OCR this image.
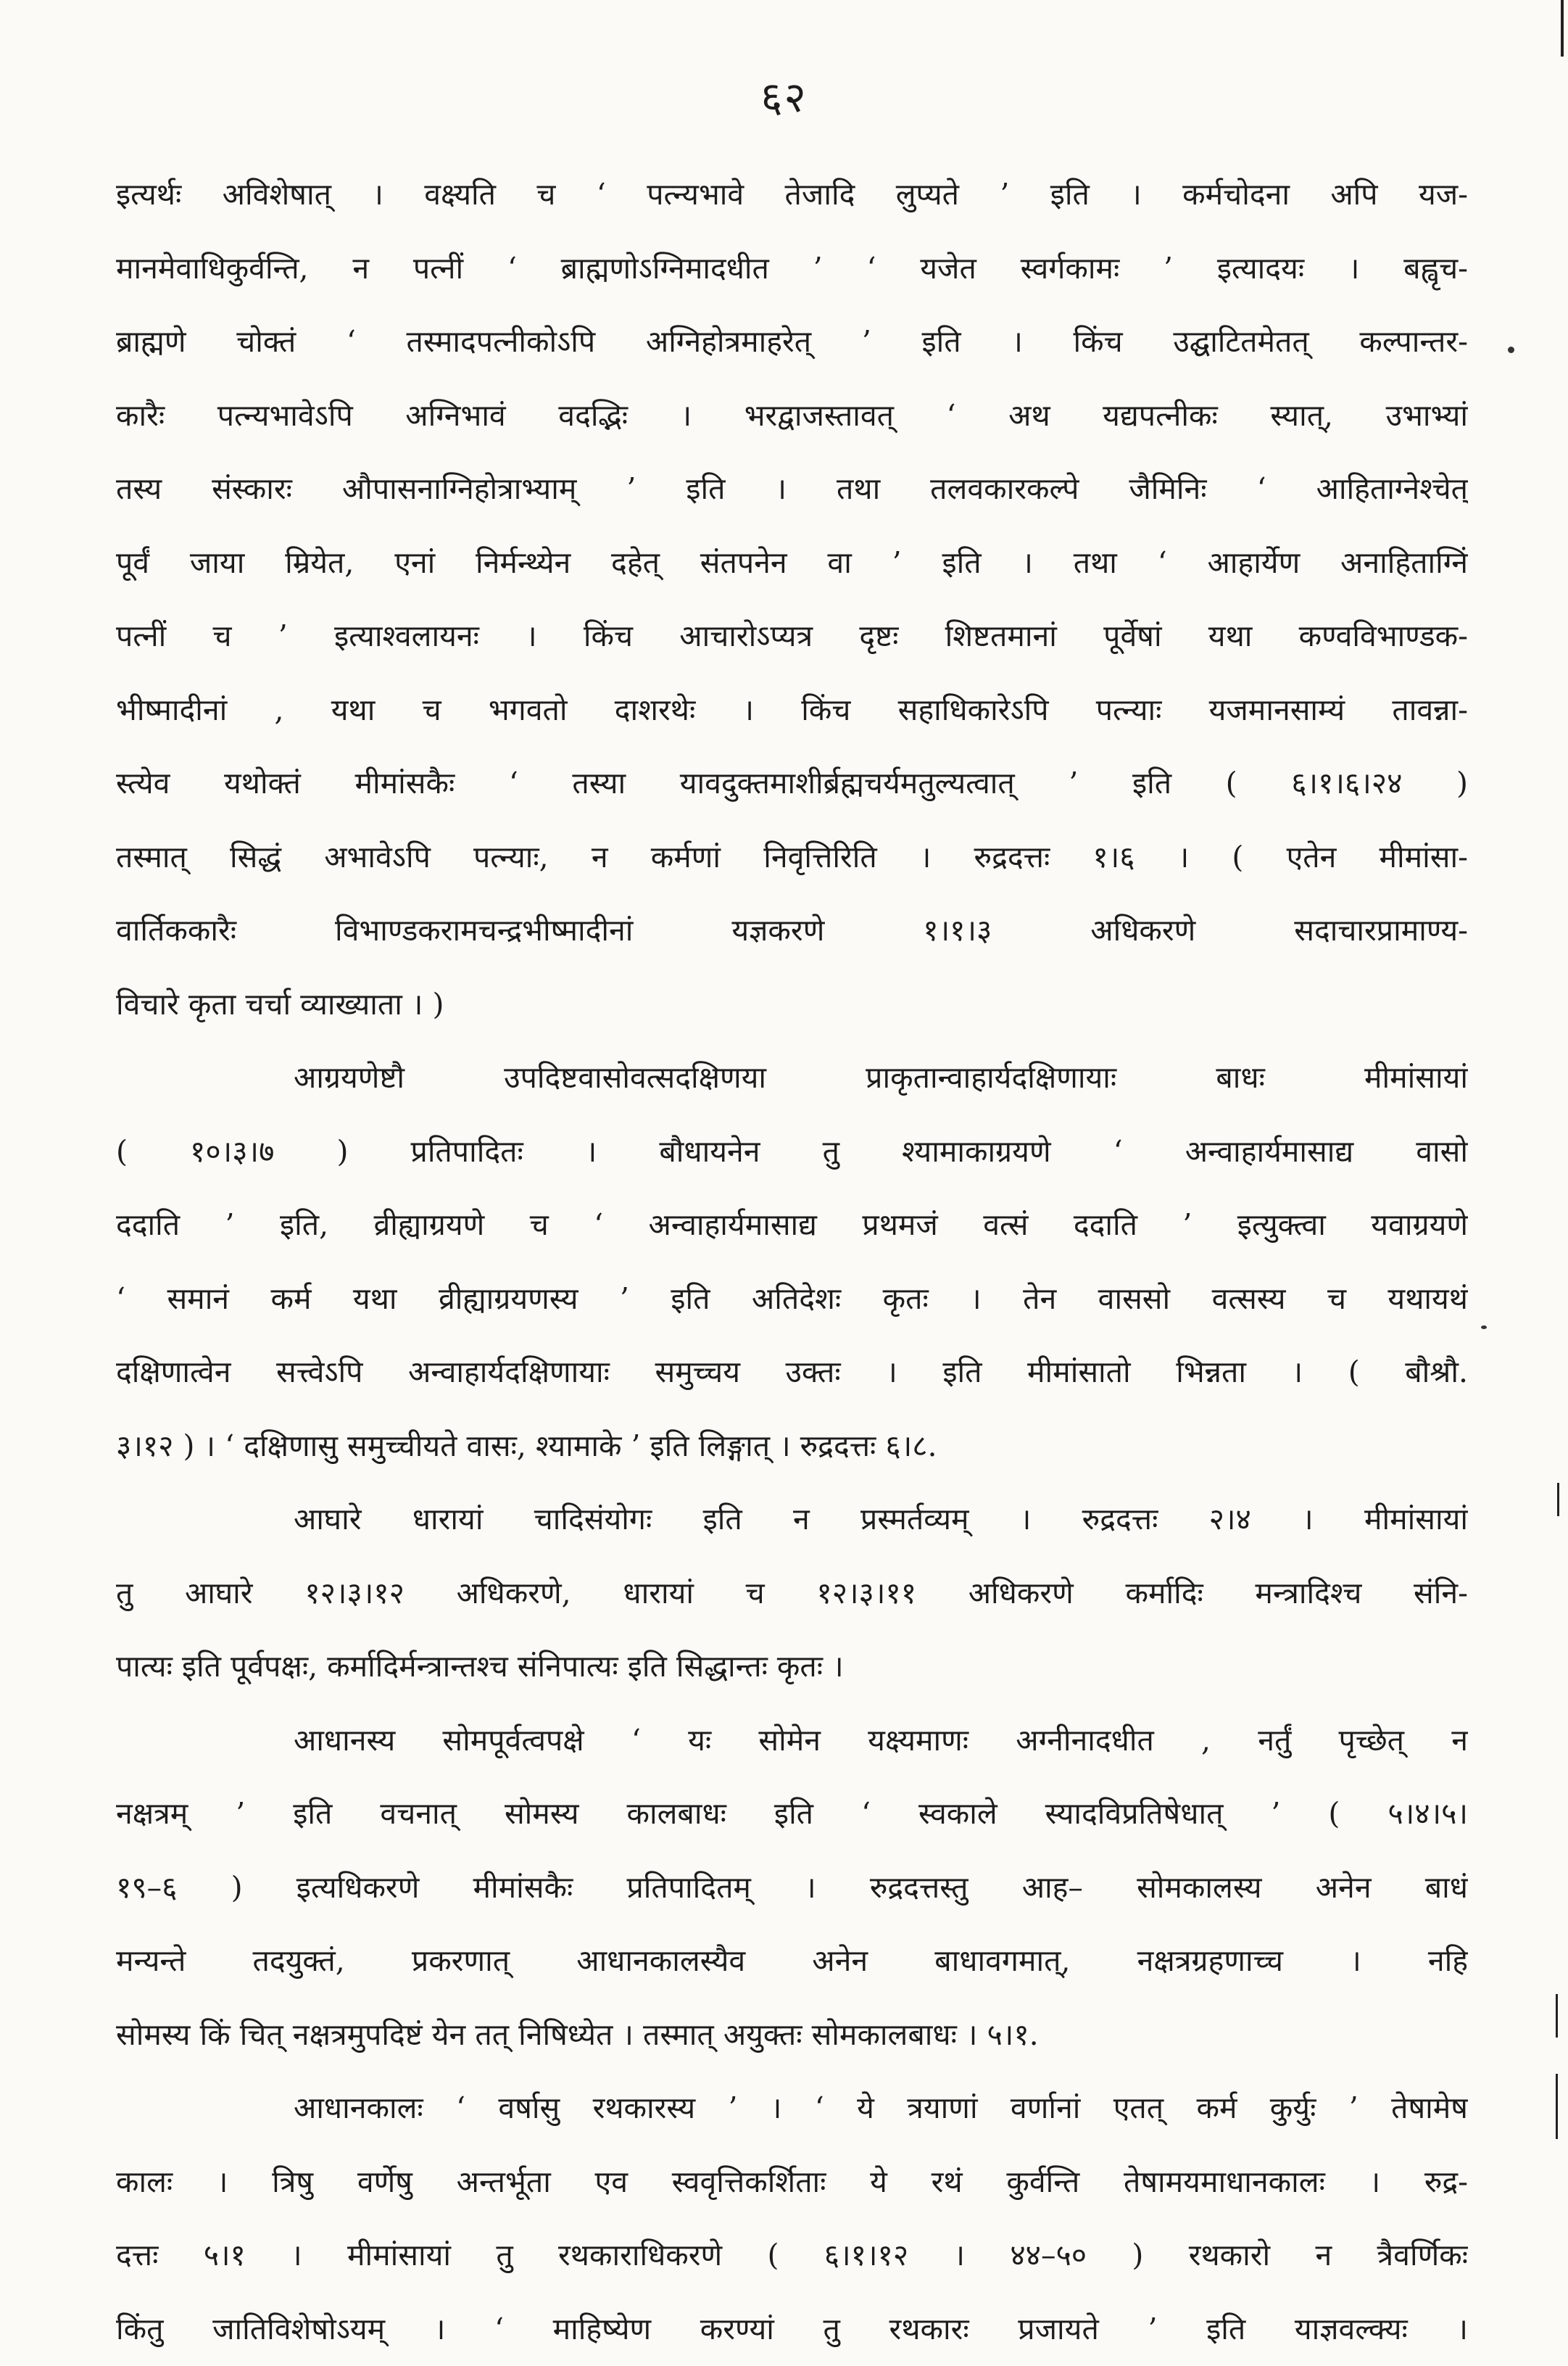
६२
इत्यर्थः अविशेषात् । वक्ष्यति च ‘ पत्न्यभावे तेजादि लुप्यते ’ इति । कर्मचोदना अपि यज-
मानमेवाधिकुर्वन्ति, न पत्नीं ‘ ब्राह्मणोऽग्निमादधीत ’ ‘ यजेत स्वर्गकामः ’ इत्यादयः । बह्वृच-
ब्राह्मणे चोक्तं ‘ तस्मादपत्नीकोऽपि अग्निहोत्रमाहरेत् ’ इति । किंच उद्घाटितमेतत् कल्पान्तर-
कारैः पत्न्यभावेऽपि अग्निभावं वदद्भिः । भरद्वाजस्तावत् ‘ अथ यद्यपत्नीकः स्यात्, उभाभ्यां
तस्य संस्कारः औपासनाग्निहोत्राभ्याम् ’ इति । तथा तलवकारकल्पे जैमिनिः ‘ आहिताग्नेश्चेत्
पूर्वं जाया म्रियेत, एनां निर्मन्थ्येन दहेत् संतपनेन वा ’ इति । तथा ‘ आहार्येण अनाहिताग्निं
पत्नीं च ’ इत्याश्वलायनः । किंच आचारोऽप्यत्र दृष्टः शिष्टतमानां पूर्वेषां यथा कण्वविभाण्डक-
भीष्मादीनां , यथा च भगवतो दाशरथेः । किंच सहाधिकारेऽपि पत्न्याः यजमानसाम्यं तावन्ना-
स्त्येव यथोक्तं मीमांसकैः ‘ तस्या यावदुक्तमाशीर्ब्रह्मचर्यमतुल्यत्वात् ’ इति ( ६।१।६।२४ )
तस्मात् सिद्धं अभावेऽपि पत्न्याः, न कर्मणां निवृत्तिरिति । रुद्रदत्तः १।६ । ( एतेन मीमांसा-
वार्तिककारैः विभाण्डकरामचन्द्रभीष्मादीनां यज्ञकरणे १।१।३ अधिकरणे सदाचारप्रामाण्य-
विचारे कृता चर्चा व्याख्याता । )
आग्रयणेष्टौ उपदिष्टवासोवत्सदक्षिणया प्राकृतान्वाहार्यदक्षिणायाः बाधः मीमांसायां
( १०।३।७ ) प्रतिपादितः । बौधायनेन तु श्यामाकाग्रयणे ‘ अन्वाहार्यमासाद्य वासो
ददाति ’ इति, व्रीह्याग्रयणे च ‘ अन्वाहार्यमासाद्य प्रथमजं वत्सं ददाति ’ इत्युक्त्वा यवाग्रयणे
‘ समानं कर्म यथा व्रीह्याग्रयणस्य ’ इति अतिदेशः कृतः । तेन वाससो वत्सस्य च यथायथं
दक्षिणात्वेन सत्त्वेऽपि अन्वाहार्यदक्षिणायाः समुच्चय उक्तः । इति मीमांसातो भिन्नता । ( बौश्रौ.
३।१२ ) । ‘ दक्षिणासु समुच्चीयते वासः, श्यामाके ’ इति लिङ्गात् । रुद्रदत्तः ६।८.
आघारे धारायां चादिसंयोगः इति न प्रस्मर्तव्यम् । रुद्रदत्तः २।४ । मीमांसायां
तु आघारे १२।३।१२ अधिकरणे, धारायां च १२।३।११ अधिकरणे कर्मादिः मन्त्रादिश्च संनि-
पात्यः इति पूर्वपक्षः, कर्मादिर्मन्त्रान्तश्च संनिपात्यः इति सिद्धान्तः कृतः ।
आधानस्य सोमपूर्वत्वपक्षे ‘ यः सोमेन यक्ष्यमाणः अग्नीनादधीत , नर्तुं पृच्छेत् न
नक्षत्रम् ’ इति वचनात् सोमस्य कालबाधः इति ‘ स्वकाले स्यादविप्रतिषेधात् ’ ( ५।४।५।
१९–६ ) इत्यधिकरणे मीमांसकैः प्रतिपादितम् । रुद्रदत्तस्तु आह– सोमकालस्य अनेन बाधं
मन्यन्ते तदयुक्तं, प्रकरणात् आधानकालस्यैव अनेन बाधावगमात्, नक्षत्रग्रहणाच्च । नहि
सोमस्य किं चित् नक्षत्रमुपदिष्टं येन तत् निषिध्येत । तस्मात् अयुक्तः सोमकालबाधः । ५।१.
आधानकालः ‘ वर्षासु रथकारस्य ’ । ‘ ये त्रयाणां वर्णानां एतत् कर्म कुर्युः ’ तेषामेष
कालः । त्रिषु वर्णेषु अन्तर्भूता एव स्ववृत्तिकर्शिताः ये रथं कुर्वन्ति तेषामयमाधानकालः । रुद्र-
दत्तः ५।१ । मीमांसायां तु रथकाराधिकरणे ( ६।१।१२ । ४४–५० ) रथकारो न त्रैवर्णिकः
किंतु जातिविशेषोऽयम् । ‘ माहिष्येण करण्यां तु रथकारः प्रजायते ’ इति याज्ञवल्क्यः ।
